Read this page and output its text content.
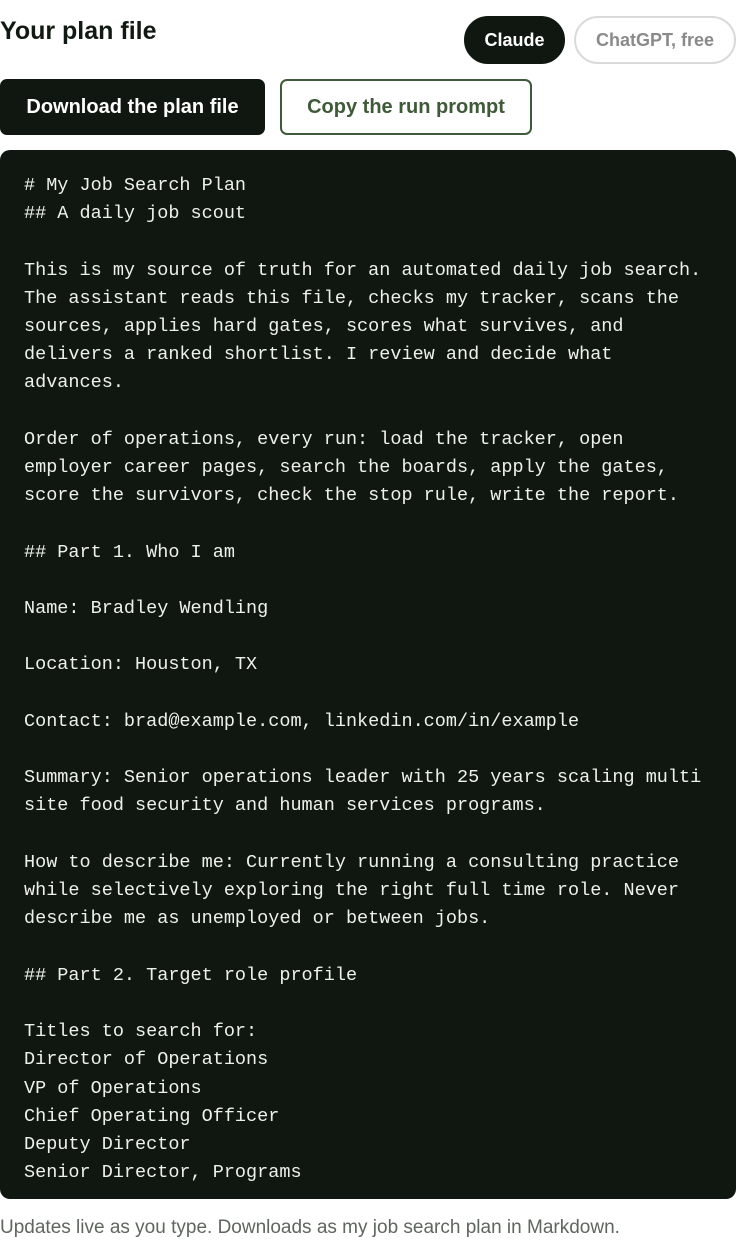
Your plan file	Claude	ChatGPT, free
Download the plan file	Copy the run prompt
# My Job Search Plan
## A daily job scout

This is my source of truth for an automated daily job search. The assistant reads this file, checks my tracker, scans the sources, applies hard gates, scores what survives, and delivers a ranked shortlist. I review and decide what advances.

Order of operations, every run: load the tracker, open employer career pages, search the boards, apply the gates, score the survivors, check the stop rule, write the report.

## Part 1. Who I am

Name: Bradley Wendling

Location: Houston, TX

Contact: brad@example.com, linkedin.com/in/example

Summary: Senior operations leader with 25 years scaling multi site food security and human services programs.

How to describe me: Currently running a consulting practice while selectively exploring the right full time role. Never describe me as unemployed or between jobs.

## Part 2. Target role profile

Titles to search for:
Director of Operations
VP of Operations
Chief Operating Officer
Deputy Director
Senior Director, Programs

Updates live as you type. Downloads as my job search plan in Markdown.
